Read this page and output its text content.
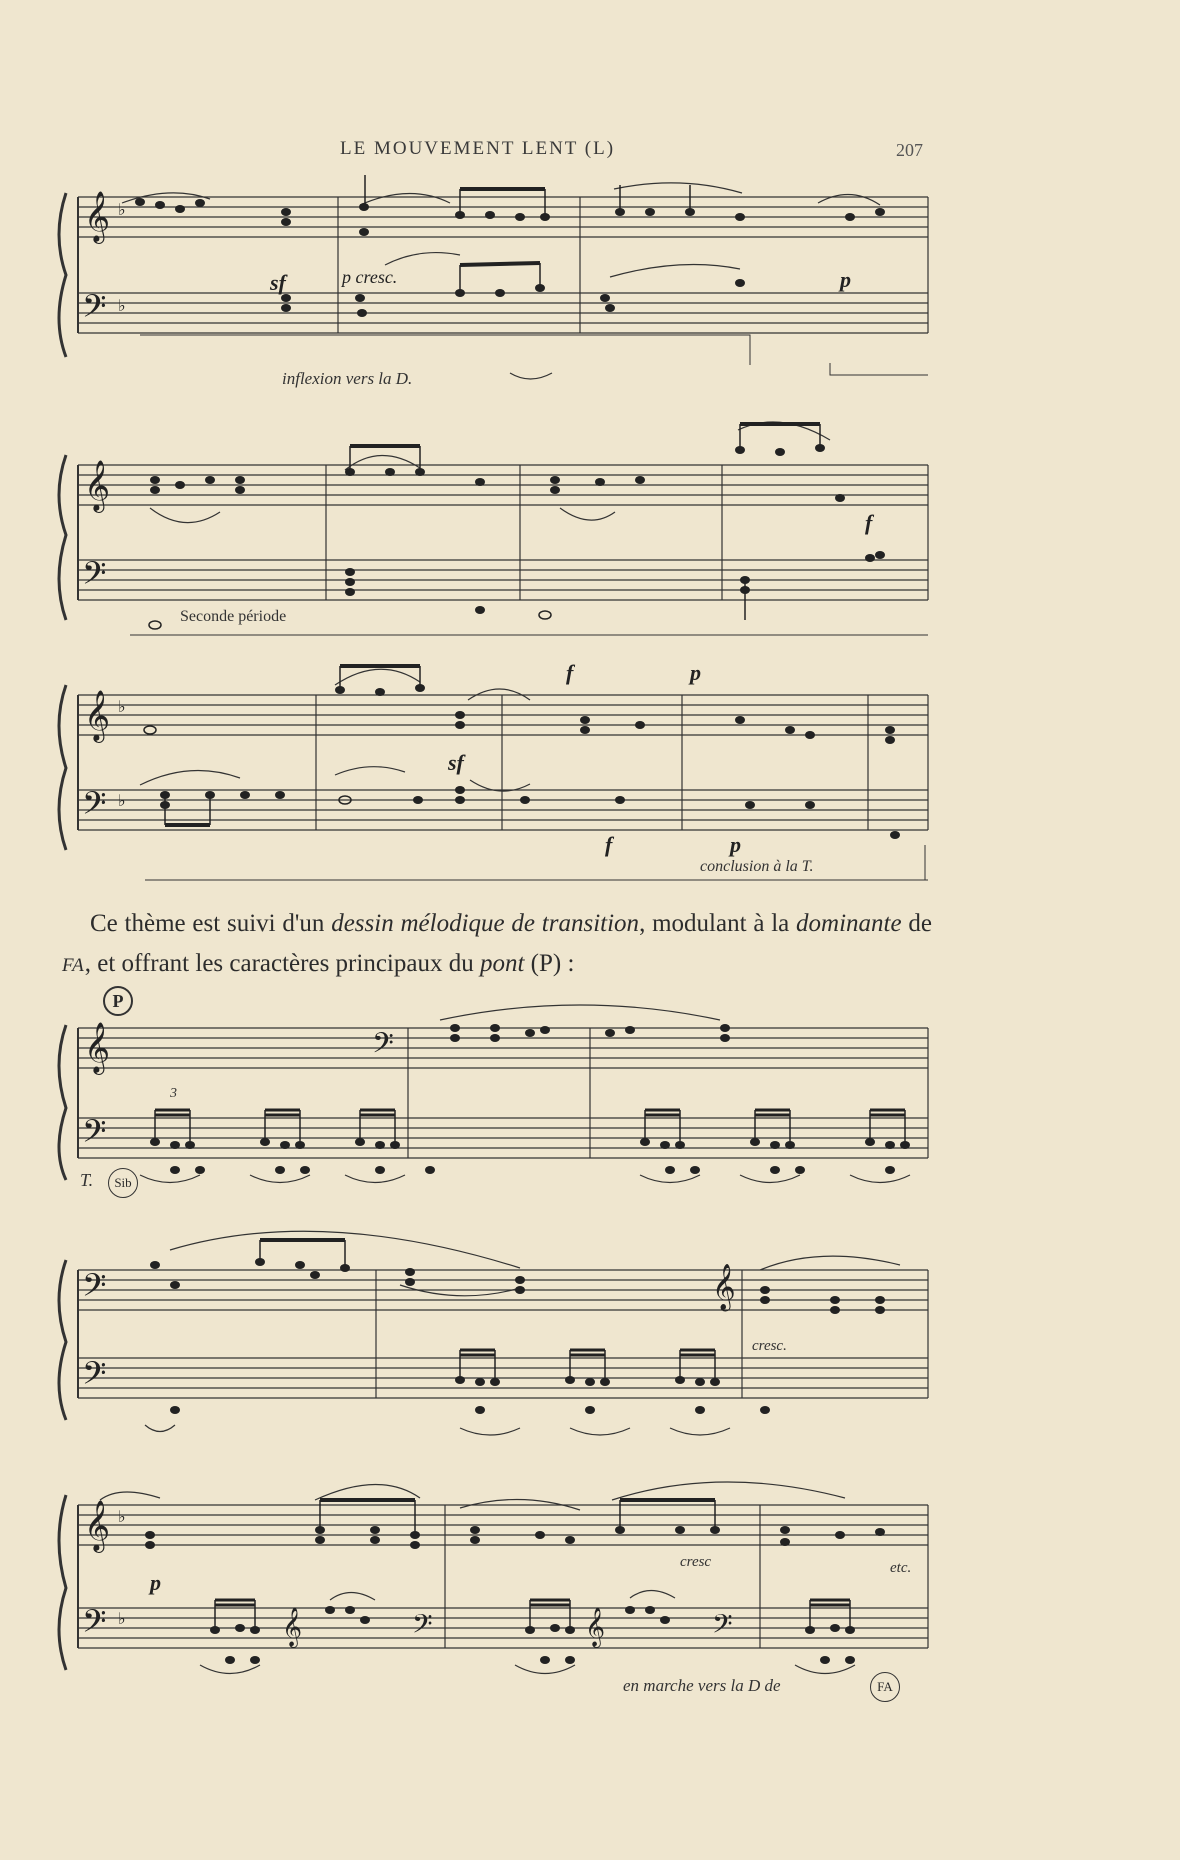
LE MOUVEMENT LENT (L)	207
𝄞
𝄢
♭
♭
sf	p cresc.	p
inflexion vers la D.
𝄞
𝄢
f
Seconde période
𝄞
𝄢
♭
♭
f	p
sf
f	p
conclusion à la T.
Ce thème est suivi d'un dessin mélodique de transition, modulant à la dominante de FA, et offrant les caractères principaux du pont (P) :
P
𝄞
𝄢
𝄢
3
T.	Sib
𝄢
𝄢
𝄞
cresc.
𝄞
𝄢	𝄞	𝄢	𝄞	𝄢
♭
♭
p
cresc	etc.
en marche vers la D de	FA
